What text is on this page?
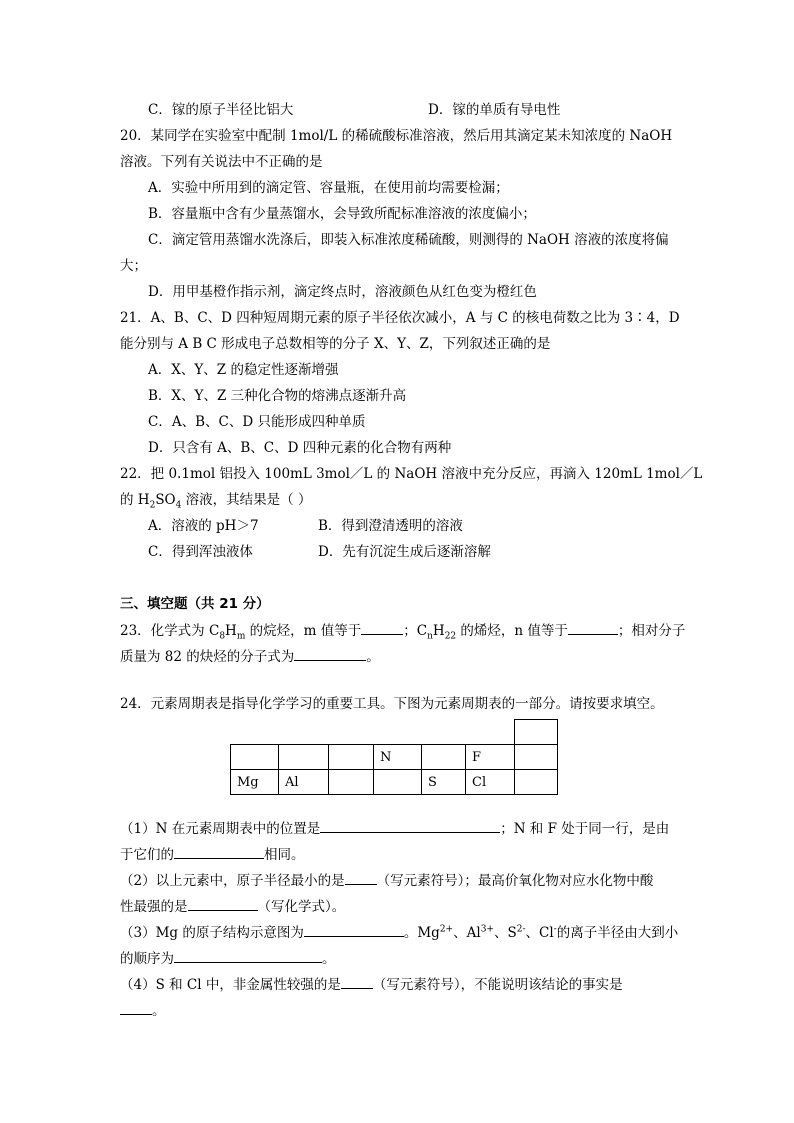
C．镓的原子半径比铝大	D．镓的单质有导电性
20．某同学在实验室中配制 1mol/L 的稀硫酸标准溶液，然后用其滴定某未知浓度的 NaOH
溶液。下列有关说法中不正确的是
A．实验中所用到的滴定管、容量瓶，在使用前均需要检漏；
B．容量瓶中含有少量蒸馏水，会导致所配标准溶液的浓度偏小；
C．滴定管用蒸馏水洗涤后，即装入标准浓度稀硫酸，则测得的 NaOH 溶液的浓度将偏
大；
D．用甲基橙作指示剂，滴定终点时，溶液颜色从红色变为橙红色
21．A、B、C、D 四种短周期元素的原子半径依次减小，A 与 C 的核电荷数之比为 3∶4，D
能分别与 A B C 形成电子总数相等的分子 X、Y、Z，下列叙述正确的是
A．X、Y、Z 的稳定性逐渐增强
B．X、Y、Z 三种化合物的熔沸点逐渐升高
C．A、B、C、D 只能形成四种单质
D．只含有 A、B、C、D 四种元素的化合物有两种
22．把 0.1mol 铝投入 100mL 3mol／L 的 NaOH 溶液中充分反应，再滴入 120mL 1mol／L
的 $H_2SO_4$ 溶液，其结果是（ ）
A．溶液的 pH＞7	B．得到澄清透明的溶液
C．得到浑浊液体	D．先有沉淀生成后逐渐溶解
三、填空题（共 21 分）
23．化学式为 $C_8H_m$ 的烷烃，m 值等于	；$C_nH_{22}$ 的烯烃，n 值等于	；相对分子
质量为 82 的炔烃的分子式为	。
24．元素周期表是指导化学学习的重要工具。下图为元素周期表的一部分。请按要求填空。

			N		F	
Mg	Al			S	Cl	
（1）N 在元素周期表中的位置是	；N 和 F 处于同一行，是由
于它们的	相同。
（2）以上元素中，原子半径最小的是 （写元素符号）；最高价氧化物对应水化物中酸
性最强的是	（写化学式）。
（3）Mg 的原子结构示意图为	。$Mg^{2+}$、$Al^{3+}$、$S^{2-}$、Cl-的离子半径由大到小
的顺序为	。
（4）S 和 Cl 中，非金属性较强的是 （写元素符号），不能说明该结论的事实是
。
